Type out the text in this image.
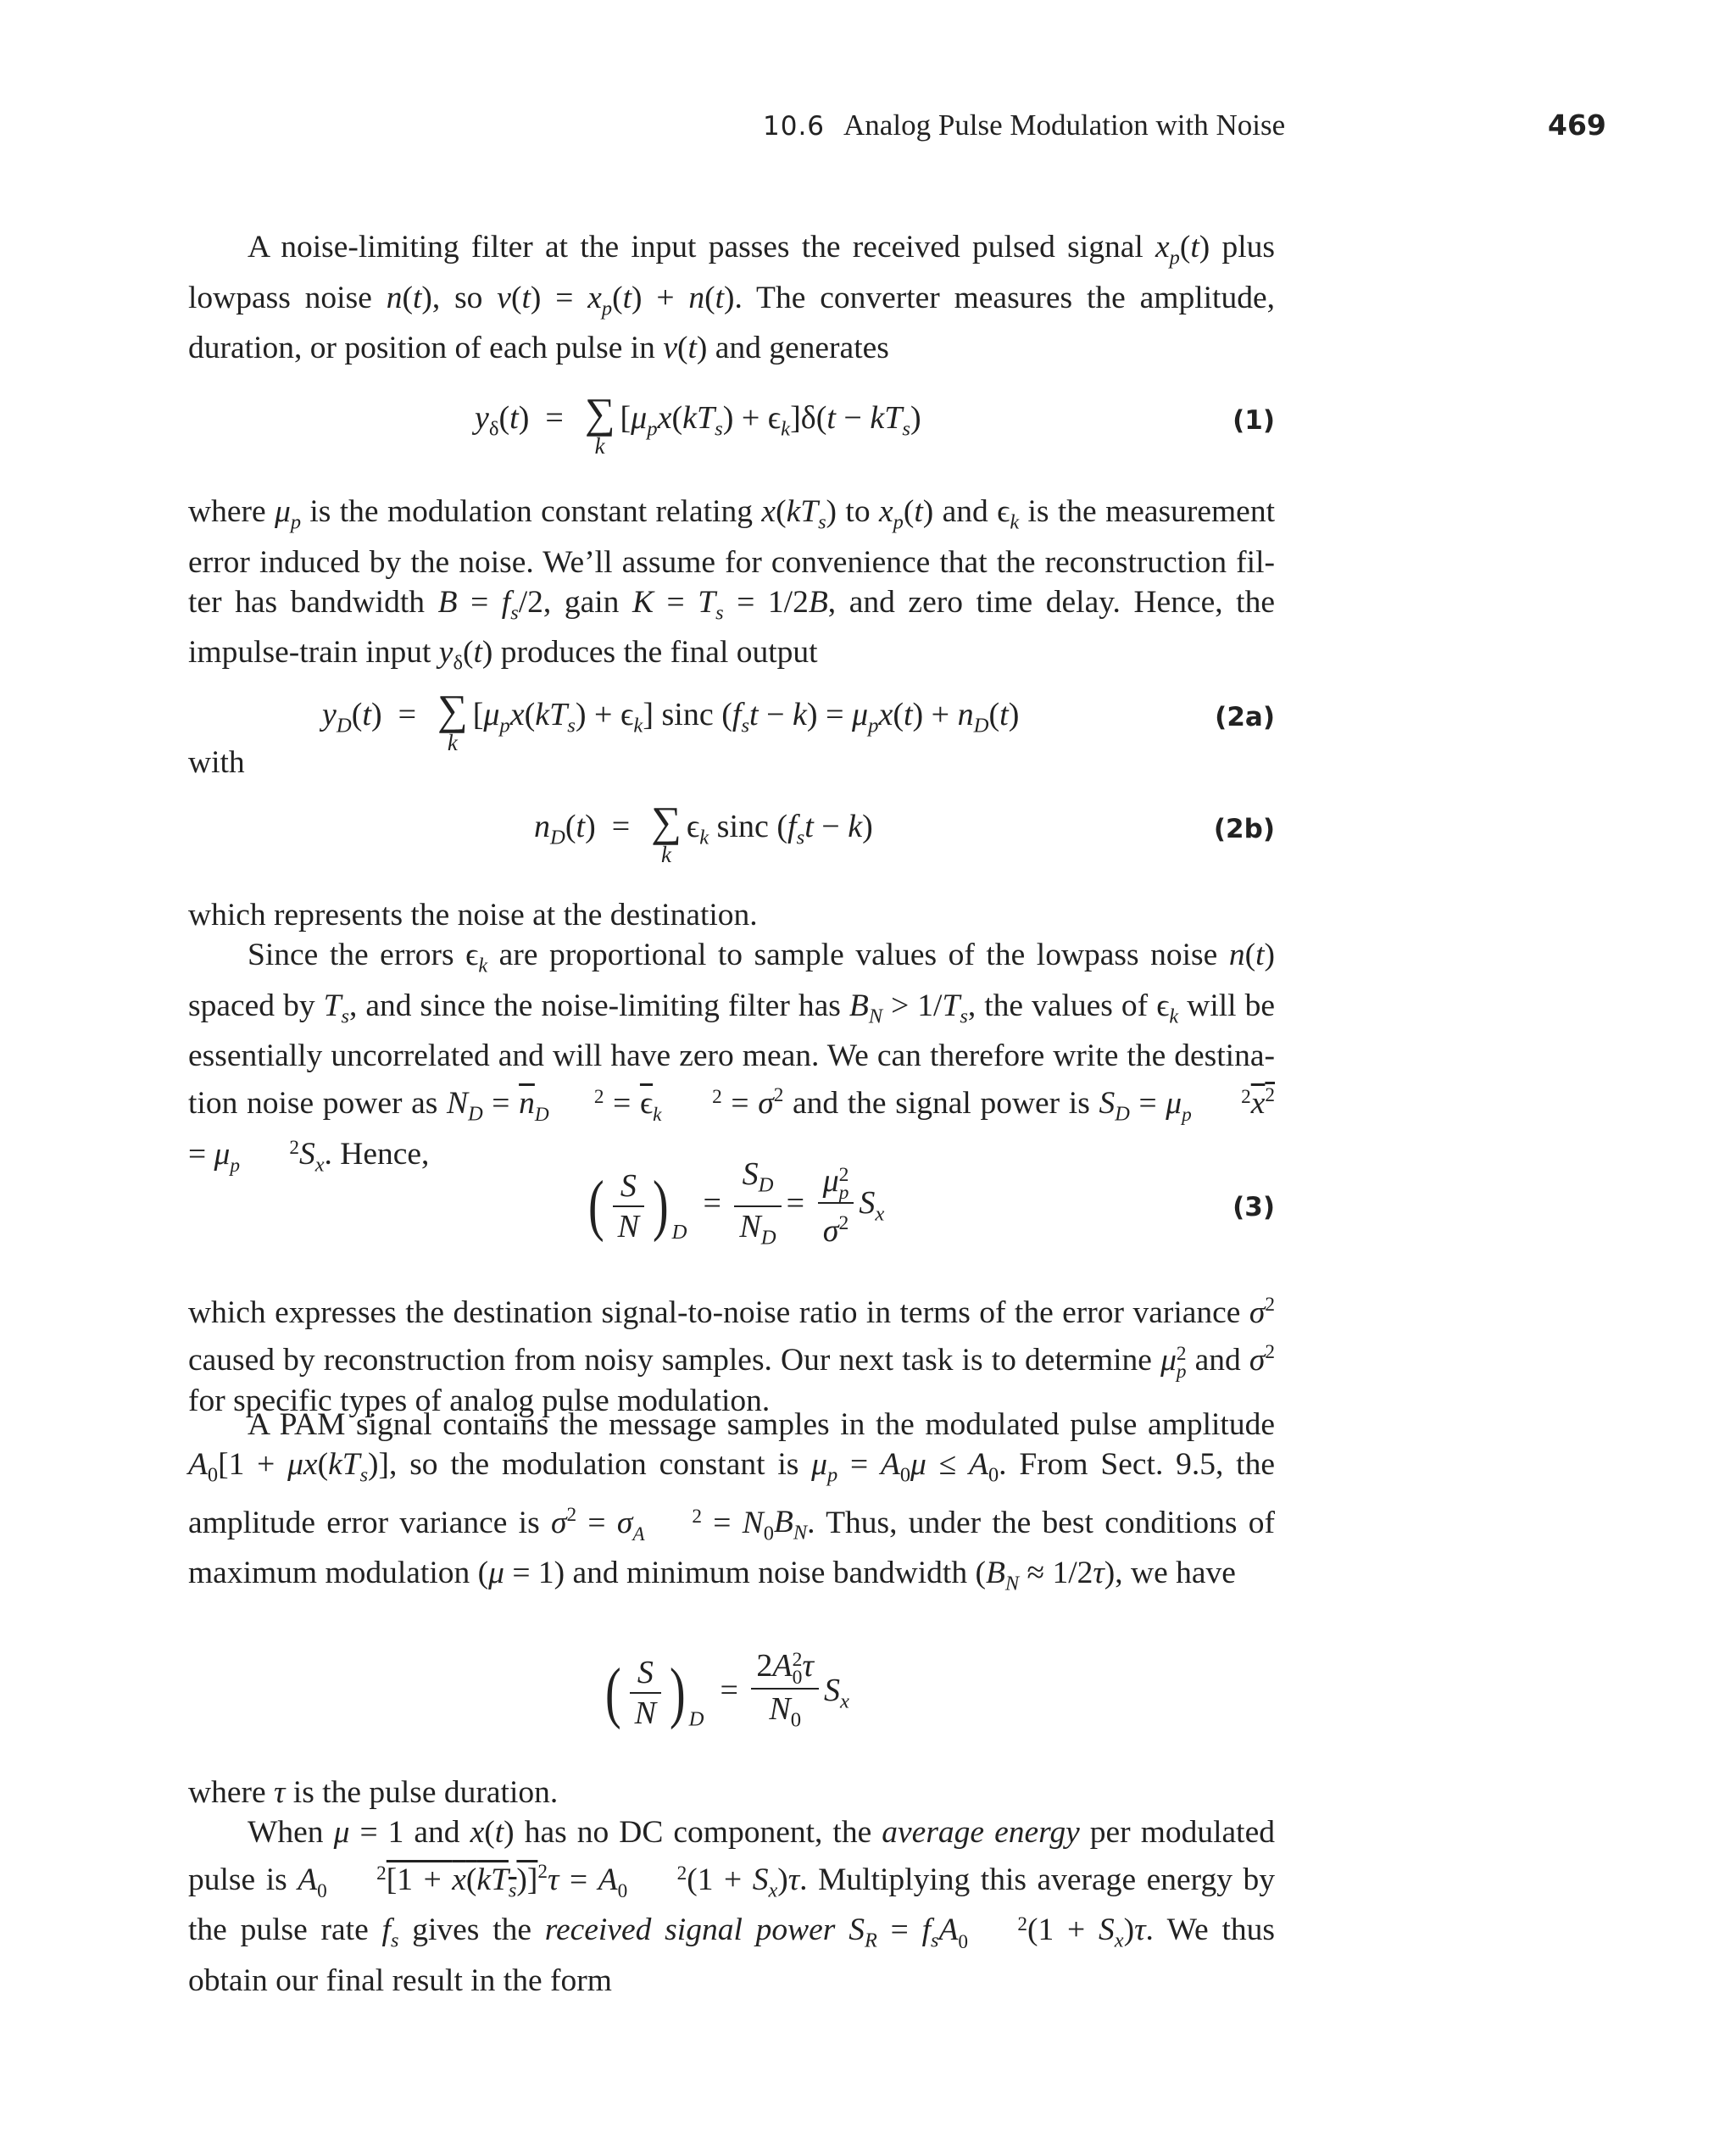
10.6 Analog Pulse Modulation with Noise	469
A noise-limiting filter at the input passes the received pulsed signal $x_p(t)$ plus lowpass noise n(t), so $v(t) = x_p(t) + n(t)$. The converter measures the amplitude, duration, or position of each pulse in v(t) and generates
$y_\delta(t)$  = ∑
k
$[\mu_px(kT_s) + \epsilon_k]\delta(t - kT_s)$	(1)
where $\mu_p$ is the modulation constant relating $x(kT_s)$ to $x_p(t)$ and $\epsilon_k$ is the measurement error induced by the noise. We’ll assume for convenience that the reconstruction fil-ter has bandwidth $B = f_s/2$, gain $K = T_s = 1/2B$, and zero time delay. Hence, the impulse-train input $y_\delta(t)$ produces the final output
$y_D(t)$  = ∑
k
$[\mu_px(kT_s) + \epsilon_k]$ sinc $(f_st - k) = \mu_px(t) + n_D(t)$	(2a)
with
$n_D(t)$  = ∑
k
$\epsilon_k$ sinc $(f_st - k)$	(2b)
which represents the noise at the destination.
Since the errors $\epsilon_k$ are proportional to sample values of the lowpass noise n(t) spaced by $T_s$, and since the noise-limiting filter has $B_N > 1/T_s$, the values of $\epsilon_k$ will be essentially uncorrelated and will have zero mean. We can therefore write the destina-tion noise power as $N_D = \overline{n}$	2
$D = \overline{\epsilon}$	2
$k = \sigma^2$ and the signal power is $S_D = \mu$	2
p $x^2 = \mu$	2
p $S_x$. Hence,
( $\frac{S}{N}$ ) $_D = \frac{S_D}{N_D}$ =
μ2
p
$\sigma^2$
$S_x$	(3)
which expresses the destination signal-to-noise ratio in terms of the error variance $\sigma^2$ caused by reconstruction from noisy samples. Our next task is to determine μ2
p and $\sigma^2$ for specific types of analog pulse modulation.
A PAM signal contains the message samples in the modulated pulse amplitude $A_0[1 + \mu x(kT_s)]$, so the modulation constant is $\mu_p = A_0\mu \le A_0$. From Sect. 9.5, the amplitude error variance is $\sigma^2 = \sigma$	2
$A = N_0B_N$. Thus, under the best conditions of maximum modulation (μ = 1) and minimum noise bandwidth $(B_N \approx 1/2\tau)$, we have
( $\frac{S}{N}$ ) $_D$  =
2A2
0τ
$N_0$
$S_x$
where τ is the pulse duration.
When μ = 1 and x(t) has no DC component, the average energy per modulated pulse is A	2
0 $[1 + x(kT_s)]^2\tau = A$	2
0 $(1 + S_x)\tau$. Multiplying this average energy by the pulse rate $f_s$ gives the received signal power $S_R = f_sA$	2
0 $(1 + S_x)\tau$. We thus obtain our final result in the form
